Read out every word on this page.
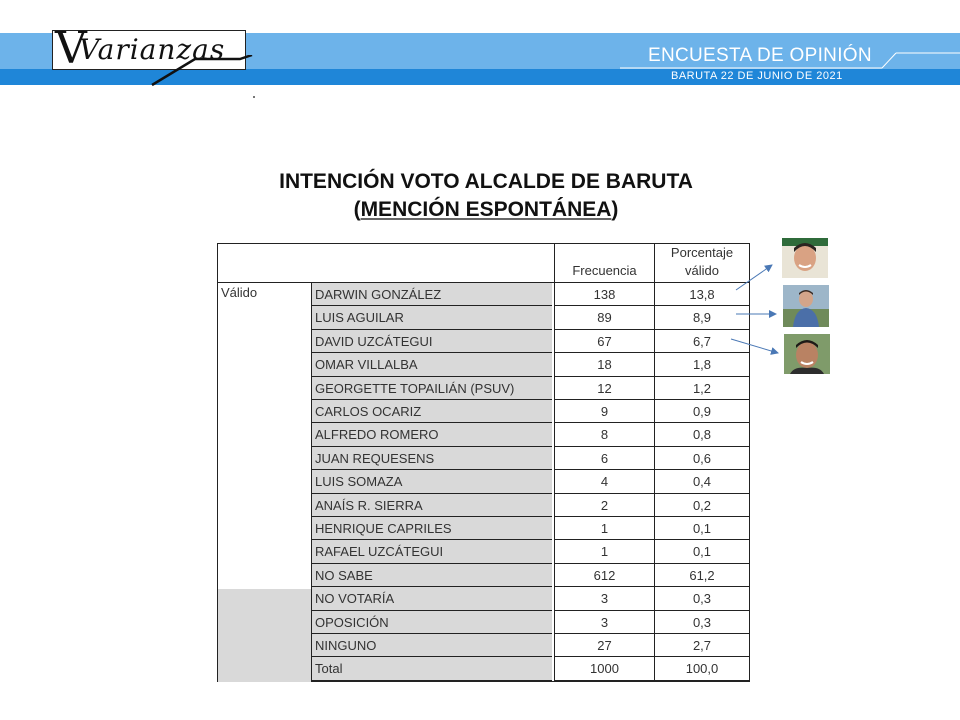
V
Varianzas	ENCUESTA DE OPINIÓN
BARUTA 22 DE JUNIO DE 2021
INTENCIÓN VOTO ALCALDE DE BARUTA
(MENCIÓN ESPONTÁNEA)
Frecuencia
Porcentaje
válido
Válido	DARWIN GONZÁLEZ	138	13,8
LUIS AGUILAR	89	8,9
DAVID UZCÁTEGUI	67	6,7
OMAR VILLALBA	18	1,8
GEORGETTE TOPAILIÁN (PSUV)	12	1,2
CARLOS OCARIZ	9	0,9
ALFREDO ROMERO	8	0,8
JUAN REQUESENS	6	0,6
LUIS SOMAZA	4	0,4
ANAÍS R. SIERRA	2	0,2
HENRIQUE CAPRILES	1	0,1
RAFAEL UZCÁTEGUI	1	0,1
NO SABE	612	61,2
NO VOTARÍA	3	0,3
OPOSICIÓN	3	0,3
NINGUNO	27	2,7
Total	1000	100,0
